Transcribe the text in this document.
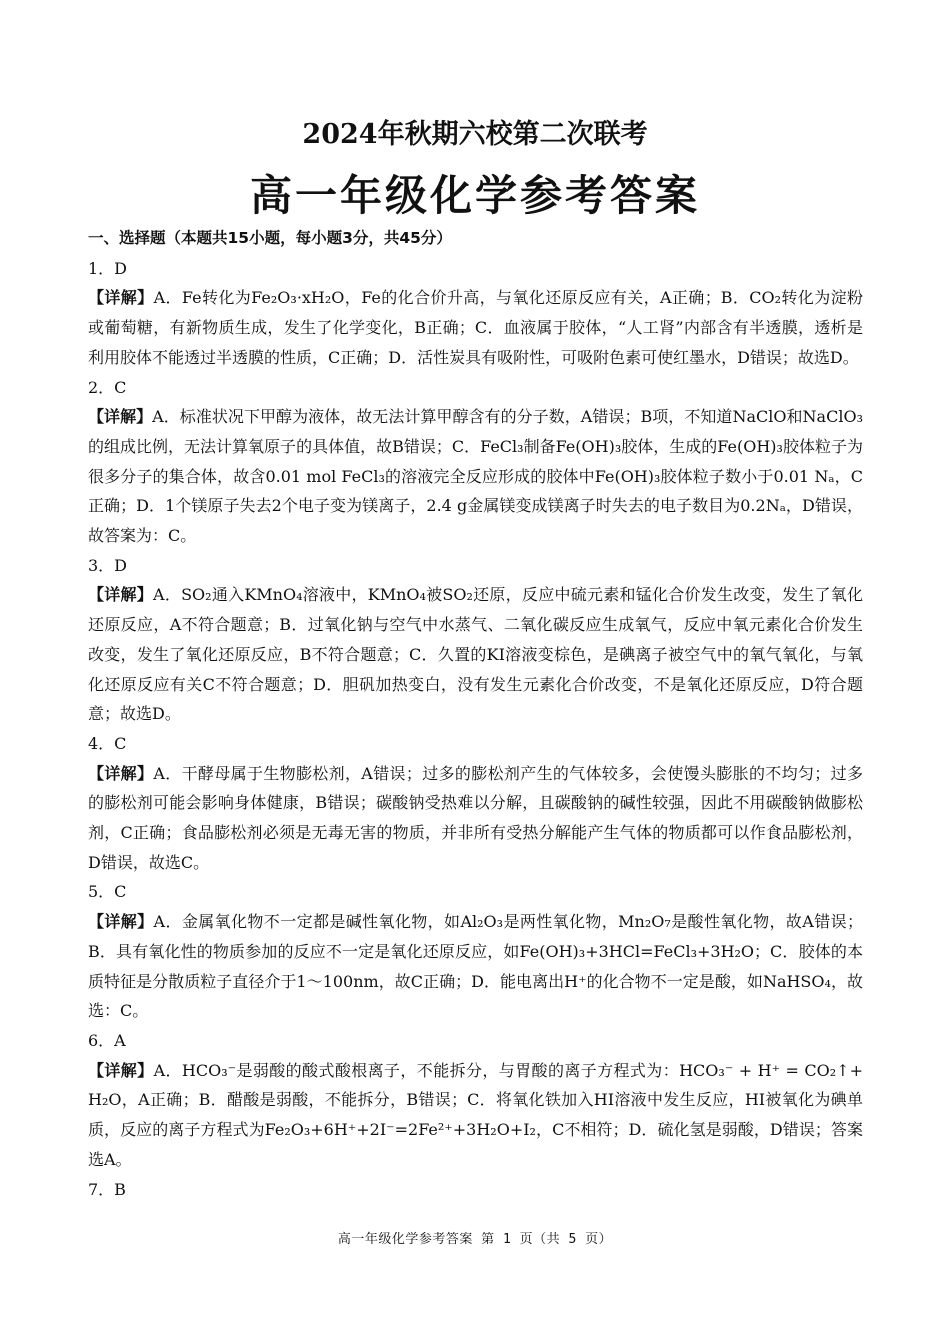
2024年秋期六校第二次联考
高一年级化学参考答案
一、选择题（本题共15小题，每小题3分，共45分）
1．D
【详解】A．Fe转化为Fe₂O₃·xH₂O，Fe的化合价升高，与氧化还原反应有关，A正确；B．CO₂转化为淀粉或葡萄糖，有新物质生成，发生了化学变化，B正确；C．血液属于胶体，“人工肾”内部含有半透膜，透析是利用胶体不能透过半透膜的性质，C正确；D．活性炭具有吸附性，可吸附色素可使红墨水，D错误；故选D。
2．C
【详解】A．标准状况下甲醇为液体，故无法计算甲醇含有的分子数，A错误；B项，不知道NaClO和NaClO₃的组成比例，无法计算氧原子的具体值，故B错误；C．FeCl₃制备Fe(OH)₃胶体，生成的Fe(OH)₃胶体粒子为很多分子的集合体，故含0.01 mol FeCl₃的溶液完全反应形成的胶体中Fe(OH)₃胶体粒子数小于0.01 Nₐ，C正确；D．1个镁原子失去2个电子变为镁离子，2.4 g金属镁变成镁离子时失去的电子数目为0.2Nₐ，D错误，故答案为：C。
3．D
【详解】A．SO₂通入KMnO₄溶液中，KMnO₄被SO₂还原，反应中硫元素和锰化合价发生改变，发生了氧化还原反应，A不符合题意；B．过氧化钠与空气中水蒸气、二氧化碳反应生成氧气，反应中氧元素化合价发生改变，发生了氧化还原反应，B不符合题意；C．久置的KI溶液变棕色，是碘离子被空气中的氧气氧化，与氧化还原反应有关C不符合题意；D．胆矾加热变白，没有发生元素化合价改变，不是氧化还原反应，D符合题意；故选D。
4．C
【详解】A．干酵母属于生物膨松剂，A错误；过多的膨松剂产生的气体较多，会使馒头膨胀的不均匀；过多的膨松剂可能会影响身体健康，B错误；碳酸钠受热难以分解，且碳酸钠的碱性较强，因此不用碳酸钠做膨松剂，C正确；食品膨松剂必须是无毒无害的物质，并非所有受热分解能产生气体的物质都可以作食品膨松剂，D错误，故选C。
5．C
【详解】A．金属氧化物不一定都是碱性氧化物，如Al₂O₃是两性氧化物，Mn₂O₇是酸性氧化物，故A错误；B．具有氧化性的物质参加的反应不一定是氧化还原反应，如Fe(OH)₃+3HCl=FeCl₃+3H₂O；C．胶体的本质特征是分散质粒子直径介于1～100nm，故C正确；D．能电离出H⁺的化合物不一定是酸，如NaHSO₄，故选：C。
6．A
【详解】A．HCO₃⁻是弱酸的酸式酸根离子，不能拆分，与胃酸的离子方程式为：HCO₃⁻ + H⁺ = CO₂↑+ H₂O，A正确；B．醋酸是弱酸，不能拆分，B错误；C．将氧化铁加入HI溶液中发生反应，HI被氧化为碘单质，反应的离子方程式为Fe₂O₃+6H⁺+2I⁻=2Fe²⁺+3H₂O+I₂，C不相符；D．硫化氢是弱酸，D错误；答案选A。
7．B
高一年级化学参考答案 第 1 页（共 5 页）
